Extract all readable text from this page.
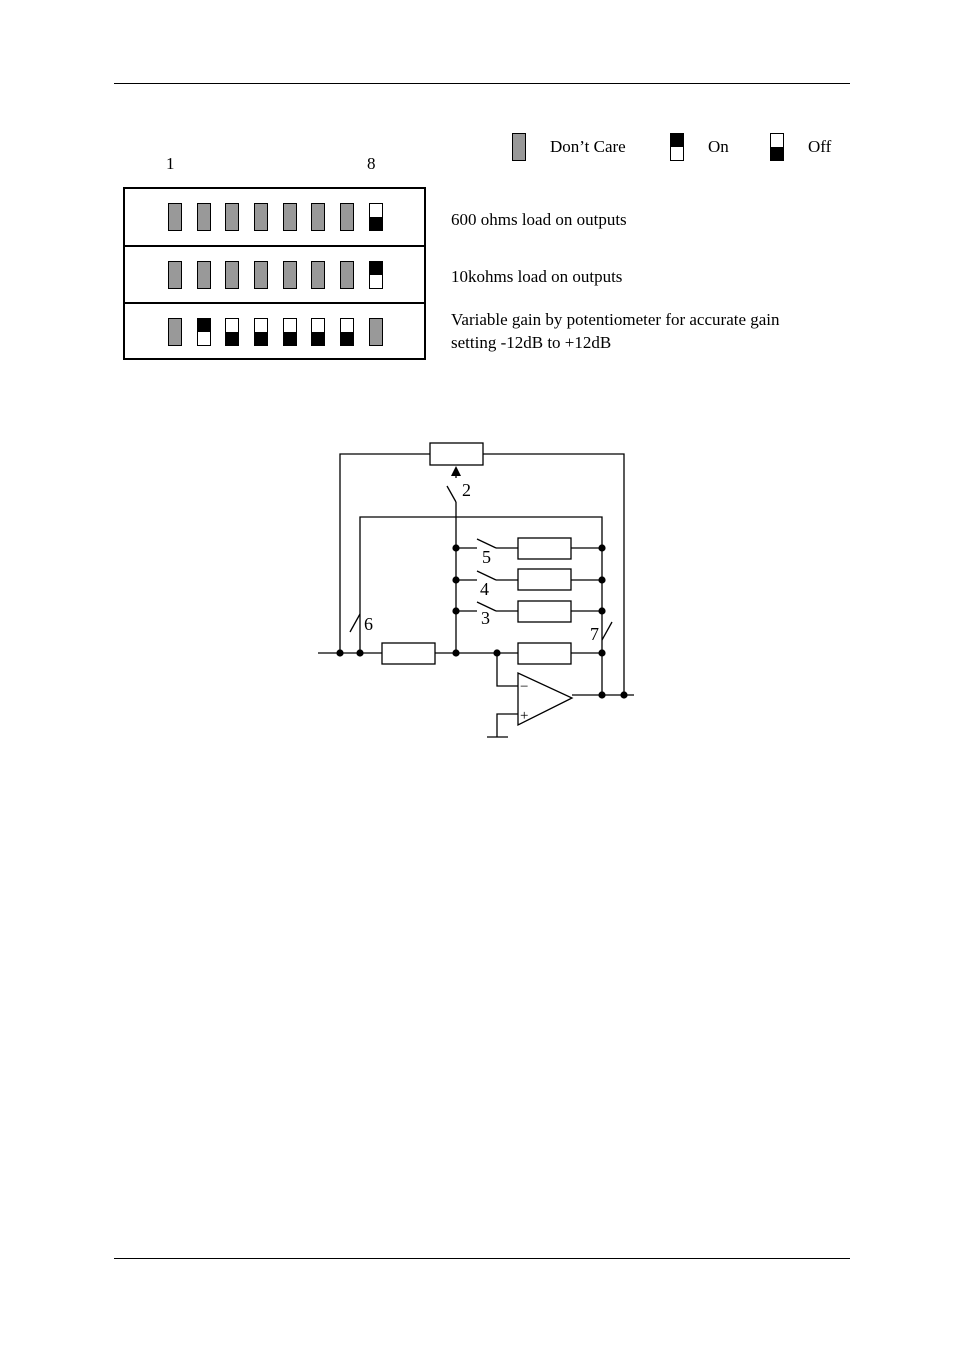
Don’t Care	On	Off
1	8
600 ohms load on outputs
10kohms load on outputs
Variable gain by potentiometer for accurate gain
setting -12dB to +12dB
2
5
4
3
6	7
−
+
